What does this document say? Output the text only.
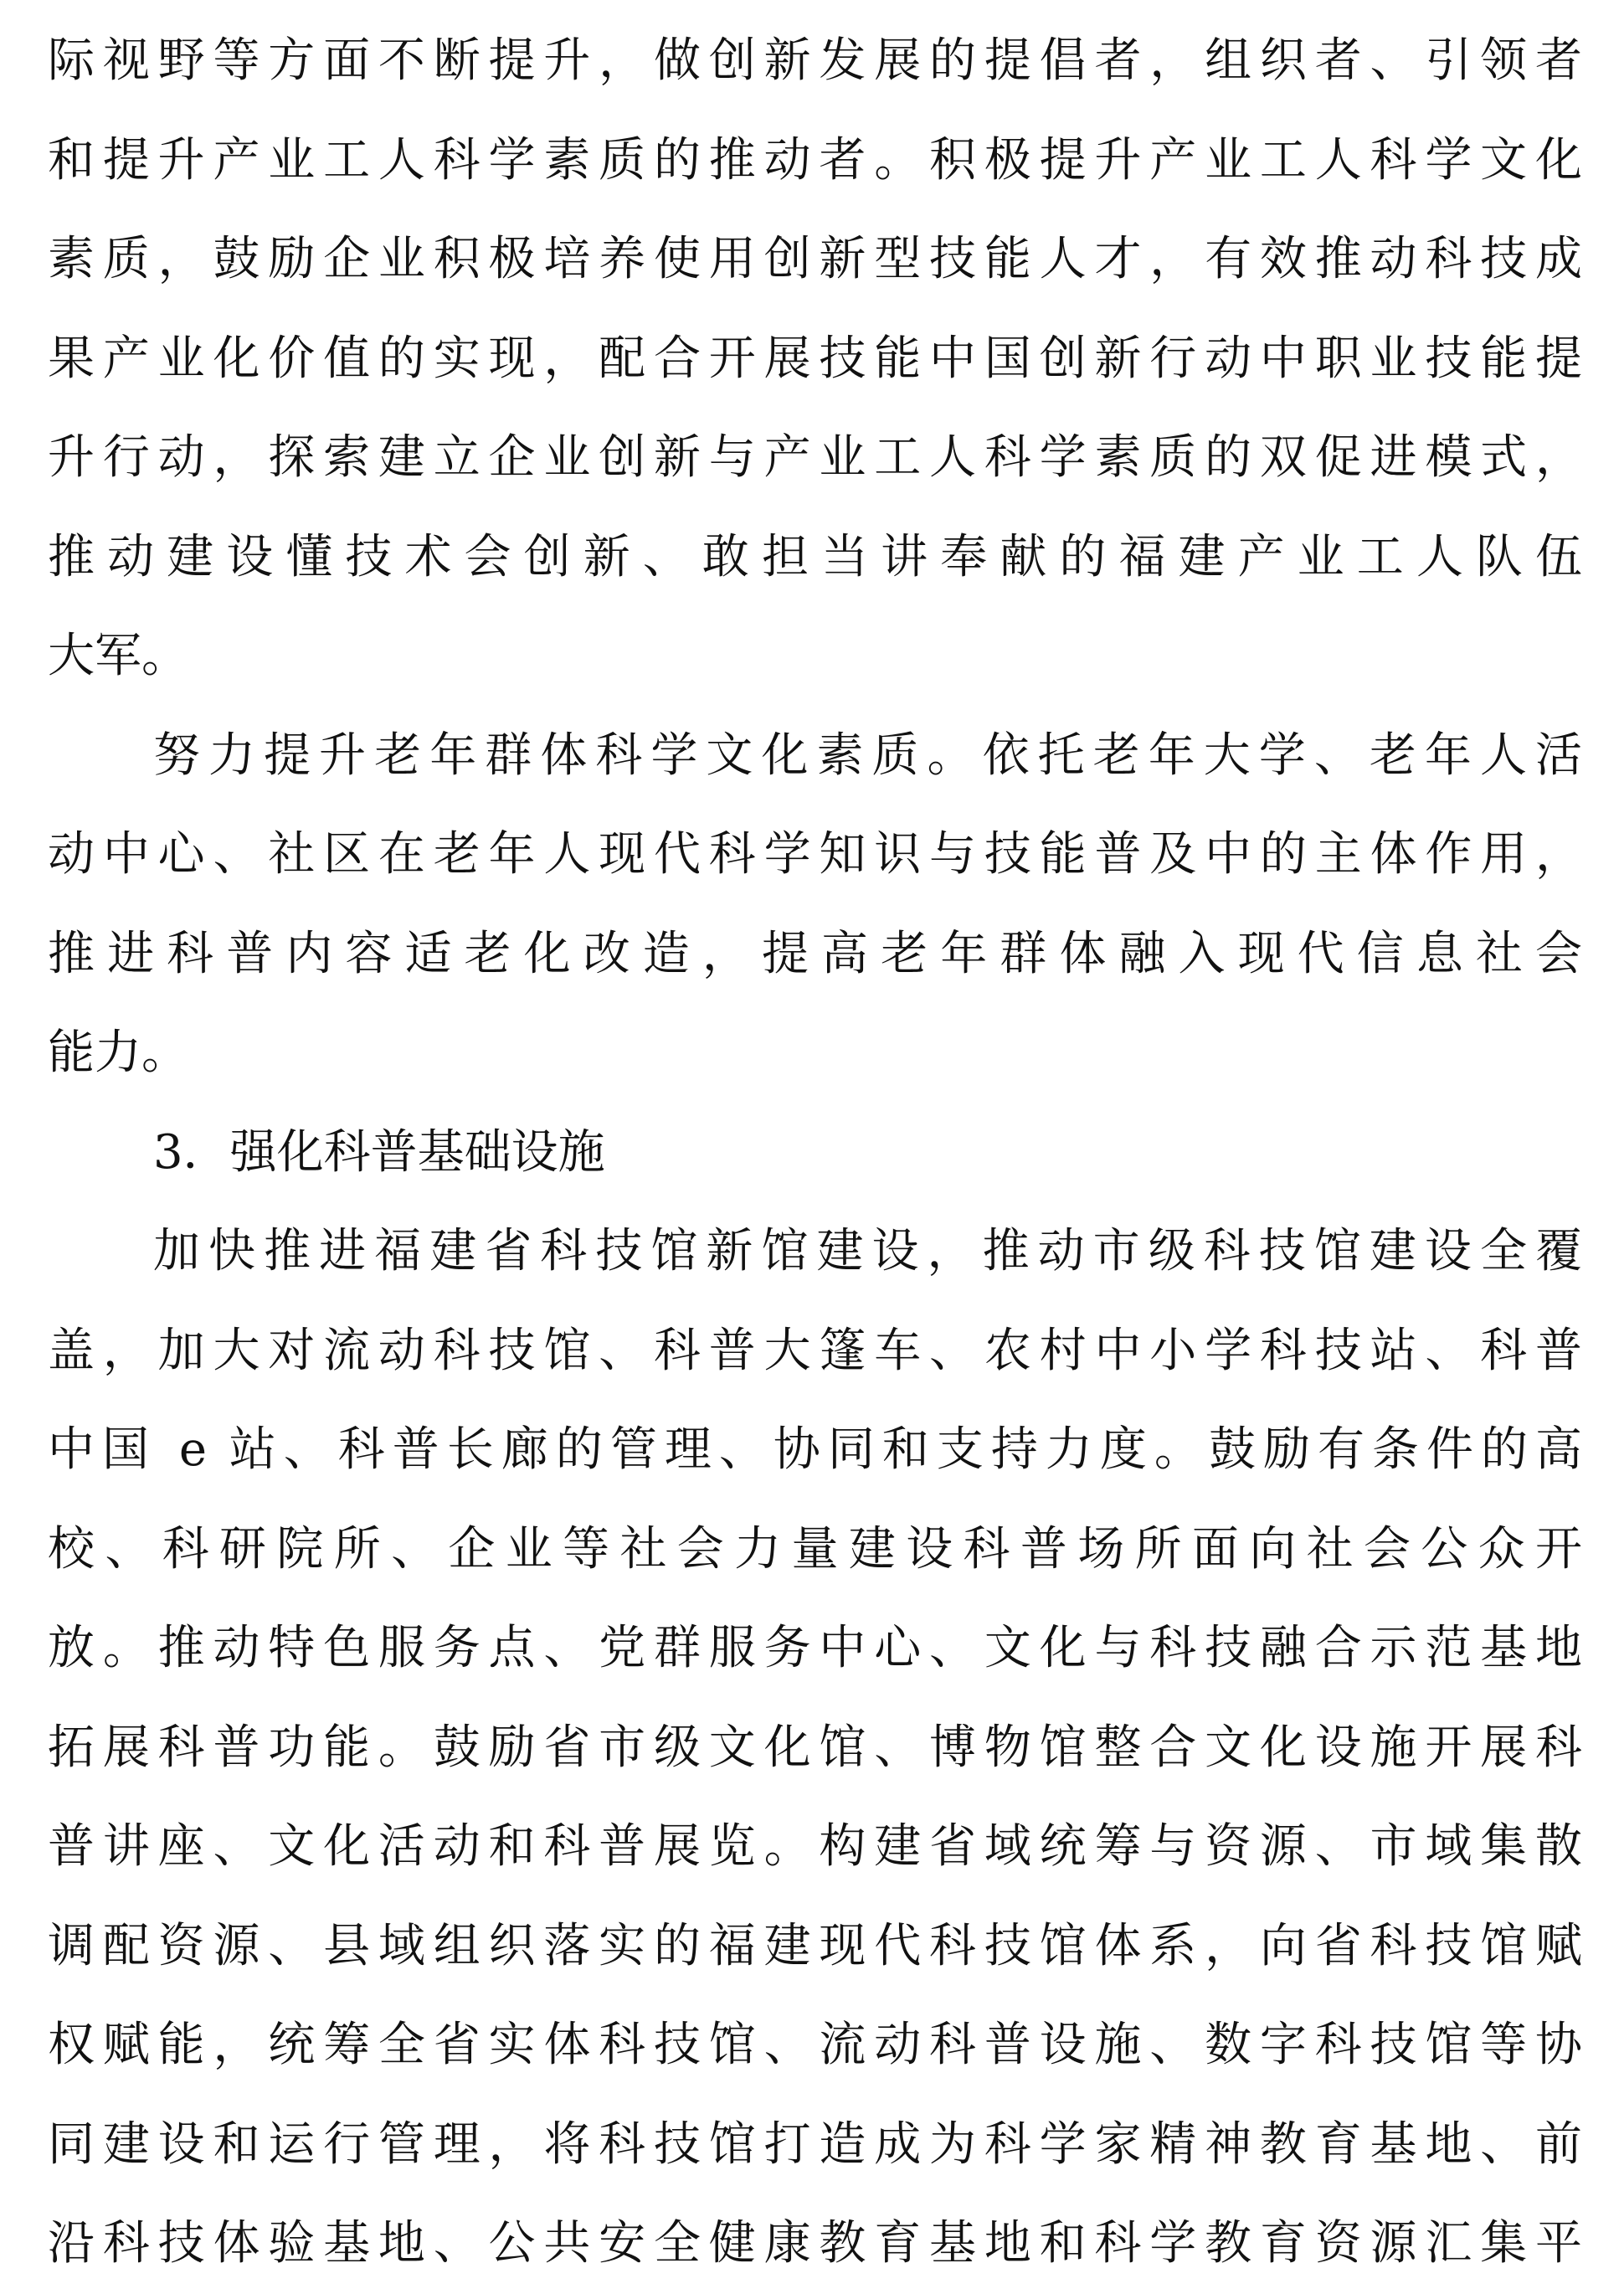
际视野等方面不断提升，做创新发展的提倡者，组织者、引领者
和提升产业工人科学素质的推动者。积极提升产业工人科学文化
素质，鼓励企业积极培养使用创新型技能人才，有效推动科技成
果产业化价值的实现，配合开展技能中国创新行动中职业技能提
升行动，探索建立企业创新与产业工人科学素质的双促进模式，
推动建设懂技术会创新、敢担当讲奉献的福建产业工人队伍
大军。
努力提升老年群体科学文化素质。依托老年大学、老年人活
动中心、社区在老年人现代科学知识与技能普及中的主体作用，
推进科普内容适老化改造，提高老年群体融入现代信息社会
能力。
3．强化科普基础设施
加快推进福建省科技馆新馆建设，推动市级科技馆建设全覆
盖，加大对流动科技馆、科普大篷车、农村中小学科技站、科普
中国 e 站、科普长廊的管理、协同和支持力度。鼓励有条件的高
校、科研院所、企业等社会力量建设科普场所面向社会公众开
放。推动特色服务点、党群服务中心、文化与科技融合示范基地
拓展科普功能。鼓励省市级文化馆、博物馆整合文化设施开展科
普讲座、文化活动和科普展览。构建省域统筹与资源、市域集散
调配资源、县域组织落实的福建现代科技馆体系，向省科技馆赋
权赋能，统筹全省实体科技馆、流动科普设施、数字科技馆等协
同建设和运行管理，将科技馆打造成为科学家精神教育基地、前
沿科技体验基地、公共安全健康教育基地和科学教育资源汇集平
